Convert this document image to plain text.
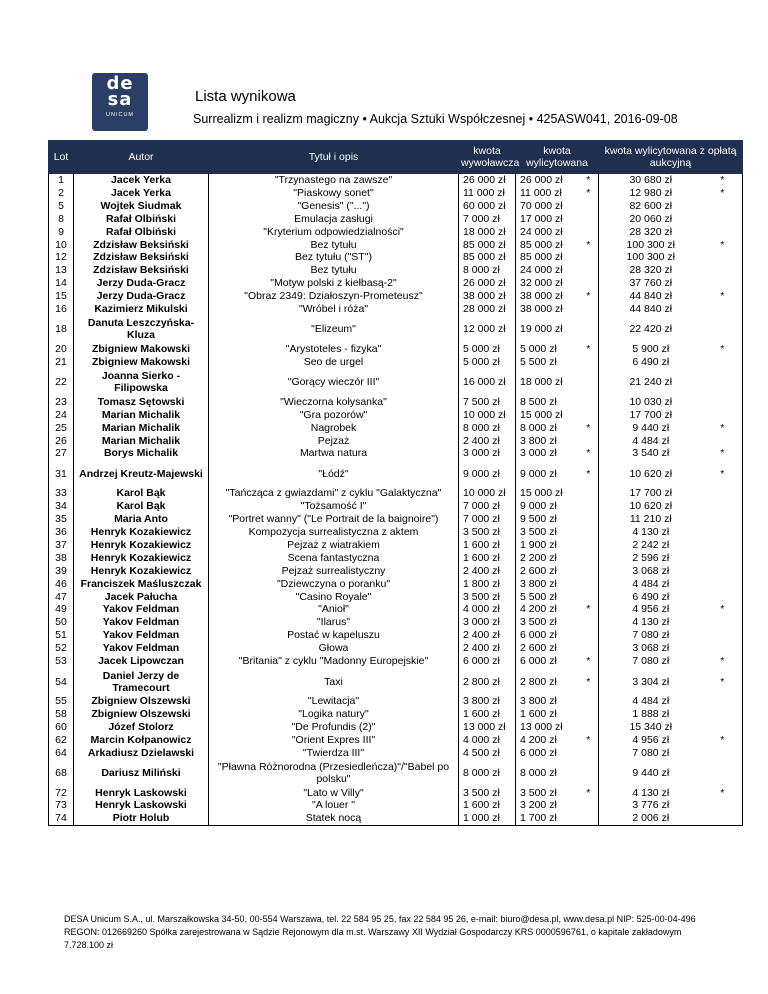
de
sa
UNICUM
Lista wynikowa
Surrealizm i realizm magiczny • Aukcja Sztuki Współczesnej • 425ASW041, 2016-09-08
Lot	Autor	Tytuł i opis	kwota wywoławcza	kwota wylicytowana		kwota wylicytowana z opłatą aukcyjną	
1	Jacek Yerka	"Trzynastego na zawsze"	26 000 zł	26 000 zł	*	30 680 zł	*
2	Jacek Yerka	"Piaskowy sonet"	11 000 zł	11 000 zł	*	12 980 zł	*
5	Wojtek Siudmak	"Genesis" ("...")	60 000 zł	70 000 zł		82 600 zł	
8	Rafał Olbiński	Emulacja zasługi	7 000 zł	17 000 zł		20 060 zł	
9	Rafał Olbiński	"Kryterium odpowiedzialności"	18 000 zł	24 000 zł		28 320 zł	
10	Zdzisław Beksiński	Bez tytułu	85 000 zł	85 000 zł	*	100 300 zł	*
12	Zdzisław Beksiński	Bez tytułu ("ST")	85 000 zł	85 000 zł		100 300 zł	
13	Zdzisław Beksiński	Bez tytułu	8 000 zł	24 000 zł		28 320 zł	
14	Jerzy Duda-Gracz	"Motyw polski z kiełbasą-2"	26 000 zł	32 000 zł		37 760 zł	
15	Jerzy Duda-Gracz	"Obraz 2349: Działoszyn-Prometeusz"	38 000 zł	38 000 zł	*	44 840 zł	*
16	Kazimierz Mikulski	"Wróbel i róża"	28 000 zł	38 000 zł		44 840 zł	
18	Danuta Leszczyńska-Kluza	"Elizeum"	12 000 zł	19 000 zł		22 420 zł	
20	Zbigniew Makowski	"Arystoteles - fizyka"	5 000 zł	5 000 zł	*	5 900 zł	*
21	Zbigniew Makowski	Seo de urgel	5 000 zł	5 500 zł		6 490 zł	
22	Joanna Sierko - Filipowska	"Gorący wieczór III"	16 000 zł	18 000 zł		21 240 zł	
23	Tomasz Sętowski	"Wieczorna kołysanka"	7 500 zł	8 500 zł		10 030 zł	
24	Marian Michalik	"Gra pozorów"	10 000 zł	15 000 zł		17 700 zł	
25	Marian Michalik	Nagrobek	8 000 zł	8 000 zł	*	9 440 zł	*
26	Marian Michalik	Pejzaż	2 400 zł	3 800 zł		4 484 zł	
27	Borys Michalik	Martwa natura	3 000 zł	3 000 zł	*	3 540 zł	*
31	Andrzej Kreutz-Majewski	"Łódź"	9 000 zł	9 000 zł	*	10 620 zł	*
33	Karol Bąk	"Tańcząca z gwiazdami" z cyklu "Galaktyczna"	10 000 zł	15 000 zł		17 700 zł	
34	Karol Bąk	"Tożsamość I"	7 000 zł	9 000 zł		10 620 zł	
35	Maria Anto	"Portret wanny" ("Le Portrait de la baignoire")	7 000 zł	9 500 zł		11 210 zł	
36	Henryk Kozakiewicz	Kompozycja surrealistyczna z aktem	3 500 zł	3 500 zł		4 130 zł	
37	Henryk Kozakiewicz	Pejzaż z wiatrakiem	1 600 zł	1 900 zł		2 242 zł	
38	Henryk Kozakiewicz	Scena fantastyczna	1 600 zł	2 200 zł		2 596 zł	
39	Henryk Kozakiewicz	Pejzaż surrealistyczny	2 400 zł	2 600 zł		3 068 zł	
46	Franciszek Maśluszczak	"Dziewczyna o poranku"	1 800 zł	3 800 zł		4 484 zł	
47	Jacek Pałucha	"Casino Royale"	3 500 zł	5 500 zł		6 490 zł	
49	Yakov Feldman	"Anioł"	4 000 zł	4 200 zł	*	4 956 zł	*
50	Yakov Feldman	"Ilarus"	3 000 zł	3 500 zł		4 130 zł	
51	Yakov Feldman	Postać w kapeluszu	2 400 zł	6 000 zł		7 080 zł	
52	Yakov Feldman	Głowa	2 400 zł	2 600 zł		3 068 zł	
53	Jacek Lipowczan	"Britania" z cyklu "Madonny Europejskie"	6 000 zł	6 000 zł	*	7 080 zł	*
54	Daniel Jerzy de Tramecourt	Taxi	2 800 zł	2 800 zł	*	3 304 zł	*
55	Zbigniew Olszewski	"Lewitacja"	3 800 zł	3 800 zł		4 484 zł	
58	Zbigniew Olszewski	"Logika natury"	1 600 zł	1 600 zł		1 888 zł	
60	Józef Stolorz	"De Profundis (2)"	13 000 zł	13 000 zł		15 340 zł	
62	Marcin Kołpanowicz	"Orient Expres III"	4 000 zł	4 200 zł	*	4 956 zł	*
64	Arkadiusz Dzielawski	"Twierdza III"	4 500 zł	6 000 zł		7 080 zł	
68	Dariusz Miliński	"Pławna Różnorodna (Przesiedleńcza)"/"Babel po polsku"	8 000 zł	8 000 zł		9 440 zł	
72	Henryk Laskowski	"Lato w Villy"	3 500 zł	3 500 zł	*	4 130 zł	*
73	Henryk Laskowski	"A louer "	1 600 zł	3 200 zł		3 776 zł	
74	Piotr Holub	Statek nocą	1 000 zł	1 700 zł		2 006 zł	
DESA Unicum S.A., ul. Marszałkowska 34-50, 00-554 Warszawa, tel. 22 584 95 25, fax 22 584 95 26, e-mail: biuro@desa.pl, www.desa.pl NIP: 525-00-04-496 REGON: 012669260 Spółka zarejestrowana w Sądzie Rejonowym dla m.st. Warszawy XII Wydział Gospodarczy KRS 0000596761, o kapitale zakładowym 7.728.100 zł
